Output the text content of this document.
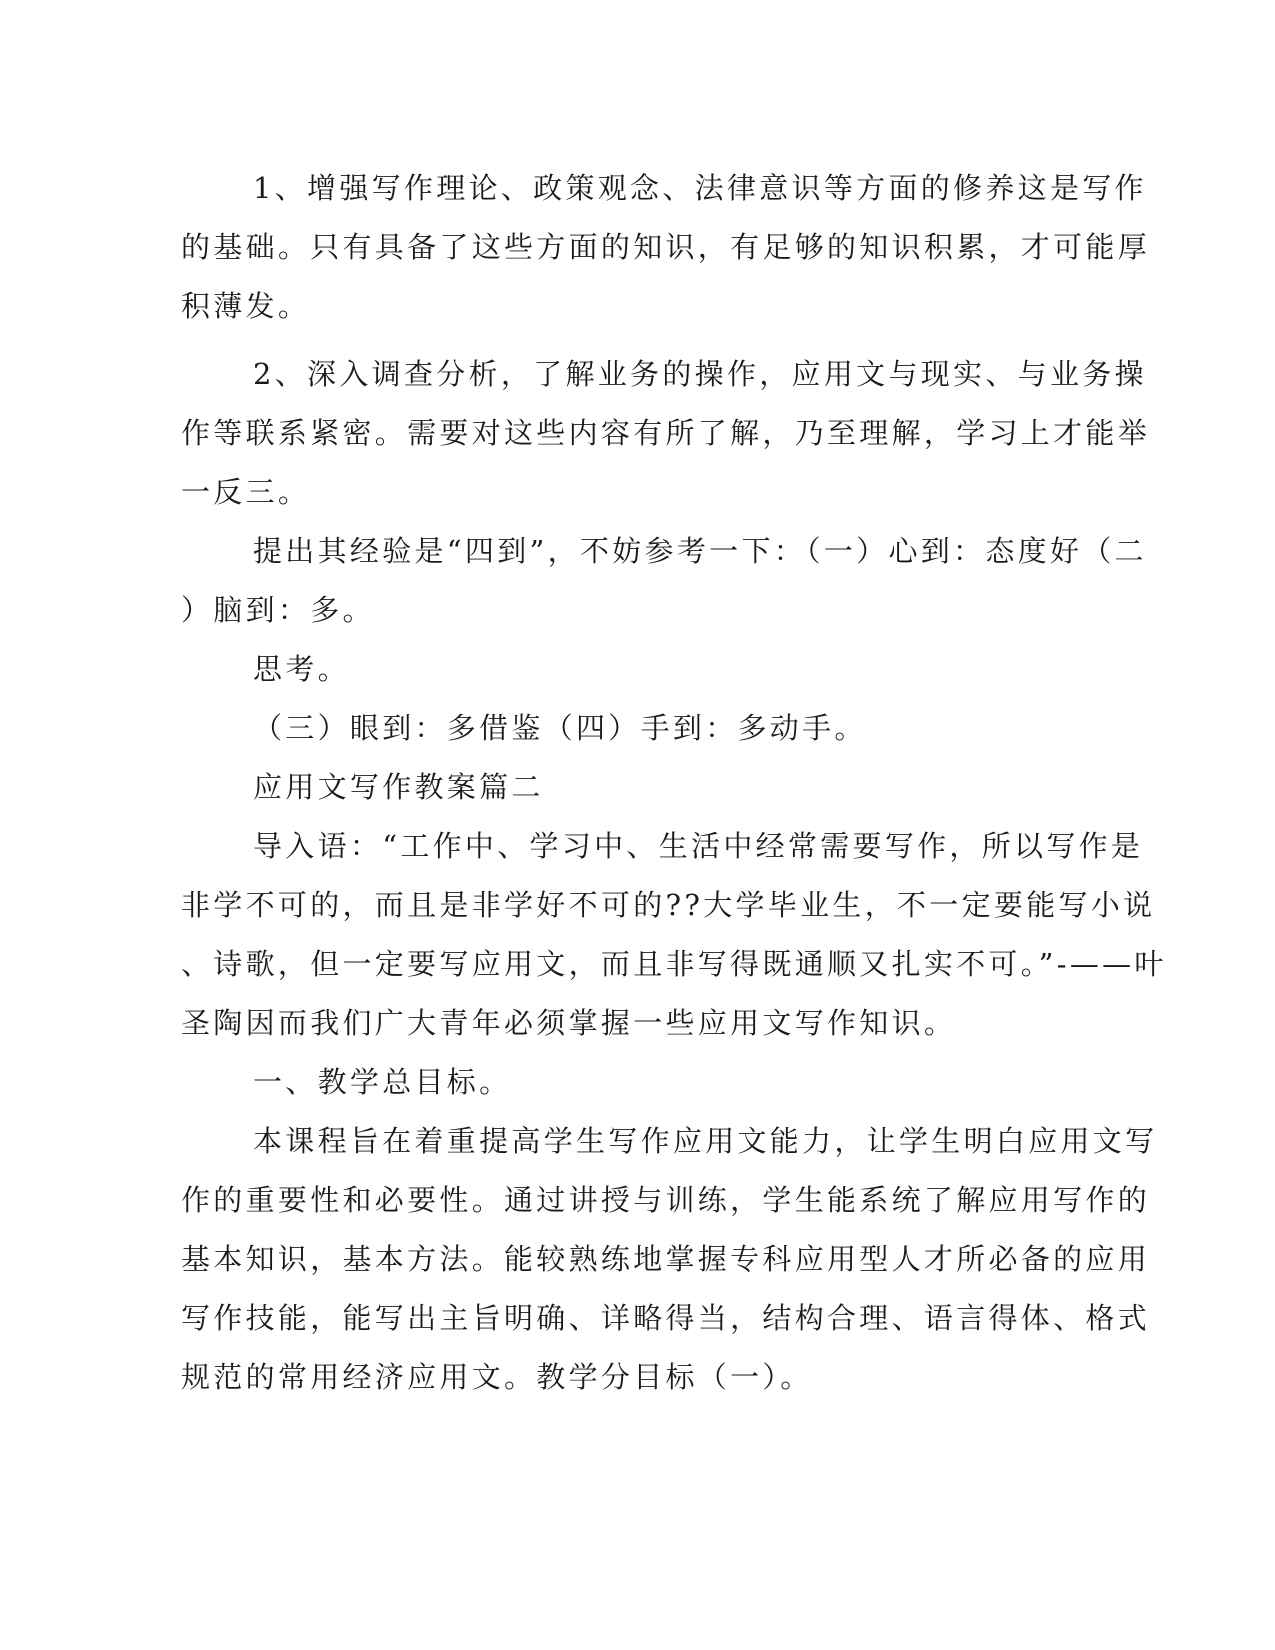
1、增强写作理论、政策观念、法律意识等方面的修养这是写作

的基础。只有具备了这些方面的知识，有足够的知识积累，才可能厚

积薄发。

2、深入调查分析，了解业务的操作，应用文与现实、与业务操

作等联系紧密。需要对这些内容有所了解，乃至理解，学习上才能举

一反三。

提出其经验是“四到”，不妨参考一下：（一）心到：态度好（二

）脑到：多。

思考。

（三）眼到：多借鉴（四）手到：多动手。

应用文写作教案篇二

导入语：“工作中、学习中、生活中经常需要写作，所以写作是

非学不可的，而且是非学好不可的??大学毕业生，不一定要能写小说

、诗歌，但一定要写应用文，而且非写得既通顺又扎实不可。”-——叶

圣陶因而我们广大青年必须掌握一些应用文写作知识。

一、教学总目标。

本课程旨在着重提高学生写作应用文能力，让学生明白应用文写

作的重要性和必要性。通过讲授与训练，学生能系统了解应用写作的

基本知识，基本方法。能较熟练地掌握专科应用型人才所必备的应用

写作技能，能写出主旨明确、详略得当，结构合理、语言得体、格式

规范的常用经济应用文。教学分目标（一）。
